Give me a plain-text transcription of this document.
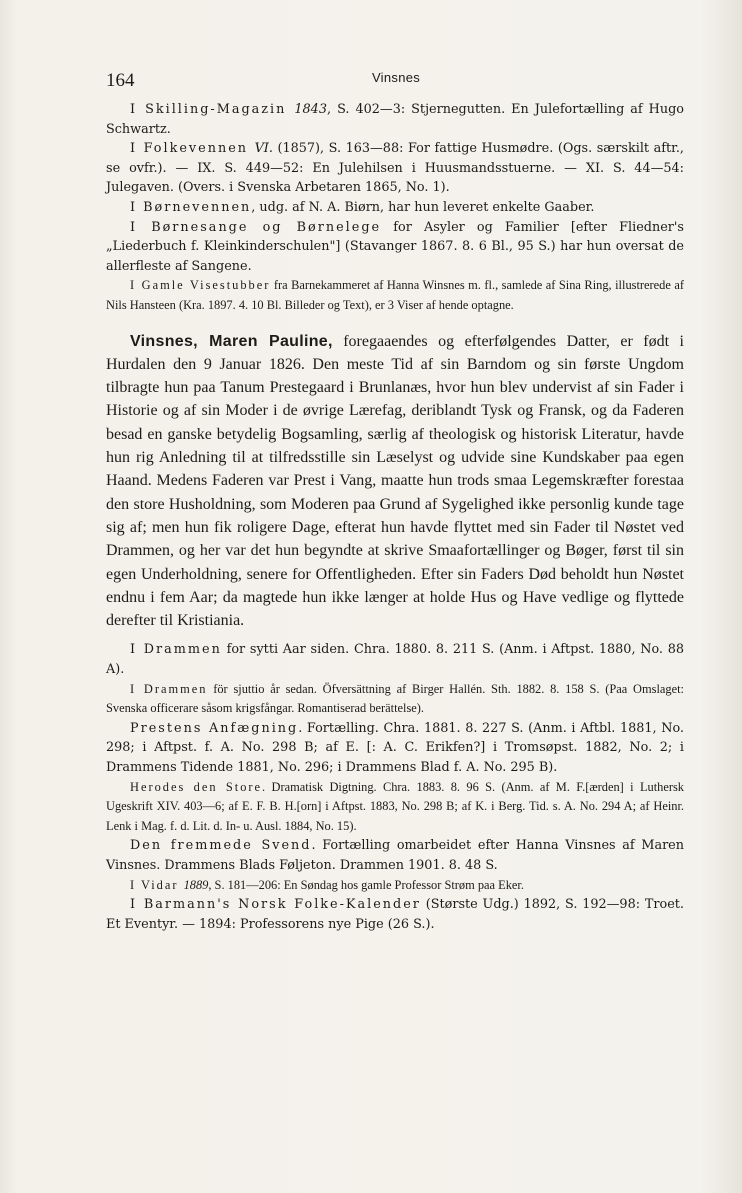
164	Vinsnes

I Skilling-Magazin 1843, S. 402—3: Stjernegutten. En Julefortælling af Hugo Schwartz.

I Folkevennen VI. (1857), S. 163—88: For fattige Husmødre. (Ogs. særskilt aftr., se ovfr.). — IX. S. 449—52: En Julehilsen i Huusmandsstuerne. — XI. S. 44—54: Julegaven. (Overs. i Svenska Arbetaren 1865, No. 1).

I Børnevennen, udg. af N. A. Biørn, har hun leveret enkelte Gaaber.

I Børnesange og Børnelege for Asyler og Familier [efter Fliedner's „Liederbuch f. Kleinkinderschulen"] (Stavanger 1867. 8. 6 Bl., 95 S.) har hun oversat de allerfleste af Sangene.

I Gamle Visestubber fra Barnekammeret af Hanna Winsnes m. fl., samlede af Sina Ring, illustrerede af Nils Hansteen (Kra. 1897. 4. 10 Bl. Billeder og Text), er 3 Viser af hende optagne.

Vinsnes, Maren Pauline, foregaaendes og efterfølgendes Datter, er født i Hurdalen den 9 Januar 1826. Den meste Tid af sin Barndom og sin første Ungdom tilbragte hun paa Tanum Prestegaard i Brunlanæs, hvor hun blev undervist af sin Fader i Historie og af sin Moder i de øvrige Lærefag, deriblandt Tysk og Fransk, og da Faderen besad en ganske betydelig Bogsamling, særlig af theologisk og historisk Literatur, havde hun rig Anledning til at tilfredsstille sin Læselyst og udvide sine Kundskaber paa egen Haand. Medens Faderen var Prest i Vang, maatte hun trods smaa Legemskræfter forestaa den store Husholdning, som Moderen paa Grund af Sygelighed ikke personlig kunde tage sig af; men hun fik roligere Dage, efterat hun havde flyttet med sin Fader til Nøstet ved Drammen, og her var det hun begyndte at skrive Smaafortællinger og Bøger, først til sin egen Underholdning, senere for Offentligheden. Efter sin Faders Død beholdt hun Nøstet endnu i fem Aar; da magtede hun ikke længer at holde Hus og Have vedlige og flyttede derefter til Kristiania.

I Drammen for sytti Aar siden. Chra. 1880. 8. 211 S. (Anm. i Aftpst. 1880, No. 88 A).

I Drammen för sjuttio år sedan. Öfversättning af Birger Hallén. Sth. 1882. 8. 158 S. (Paa Omslaget: Svenska officerare såsom krigsfångar. Romantiserad berättelse).

Prestens Anfægning. Fortælling. Chra. 1881. 8. 227 S. (Anm. i Aftbl. 1881, No. 298; i Aftpst. f. A. No. 298 B; af E. [: A. C. Erikfen?] i Tromsøpst. 1882, No. 2; i Drammens Tidende 1881, No. 296; i Drammens Blad f. A. No. 295 B).

Herodes den Store. Dramatisk Digtning. Chra. 1883. 8. 96 S. (Anm. af M. F.[ærden] i Luthersk Ugeskrift XIV. 403—6; af E. F. B. H.[orn] i Aftpst. 1883, No. 298 B; af K. i Berg. Tid. s. A. No. 294 A; af Heinr. Lenk i Mag. f. d. Lit. d. In- u. Ausl. 1884, No. 15).

Den fremmede Svend. Fortælling omarbeidet efter Hanna Vinsnes af Maren Vinsnes. Drammens Blads Føljeton. Drammen 1901. 8. 48 S.

I Vidar 1889, S. 181—206: En Søndag hos gamle Professor Strøm paa Eker.

I Barmann's Norsk Folke-Kalender (Største Udg.) 1892, S. 192—98: Troet. Et Eventyr. — 1894: Professorens nye Pige (26 S.).
